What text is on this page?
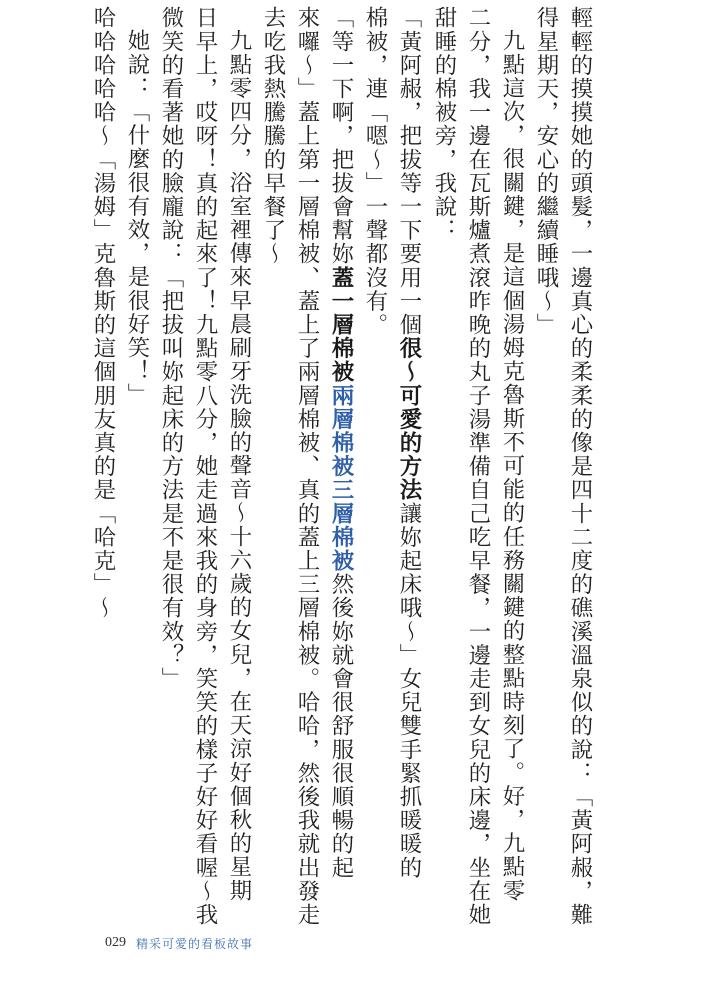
輕輕的摸摸她的頭髮，一邊真心的柔柔的像是四十二度的礁溪溫泉似的說：「黃阿赧，難
得星期天，安心的繼續睡哦～」
九點這次，很關鍵，是這個湯姆克魯斯不可能的任務關鍵的整點時刻了。好，九點零
二分，我一邊在瓦斯爐煮滾昨晚的丸子湯準備自己吃早餐，一邊走到女兒的床邊，坐在她
甜睡的棉被旁，我說：
「黃阿赧，把拔等一下要用一個很～可愛的方法讓妳起床哦～」女兒雙手緊抓暖暖的
棉被，連「嗯～」一聲都沒有。
「等一下啊，把拔會幫妳蓋一層棉被兩層棉被三層棉被然後妳就會很舒服很順暢的起
來囉～」蓋上第一層棉被、蓋上了兩層棉被、真的蓋上三層棉被。哈哈，然後我就出發走
去吃我熱騰騰的早餐了～
九點零四分，浴室裡傳來早晨刷牙洗臉的聲音～十六歲的女兒，在天涼好個秋的星期
日早上，哎呀！真的起來了！九點零八分，她走過來我的身旁，笑笑的樣子好好看喔～我
微笑的看著她的臉龐說：「把拔叫妳起床的方法是不是很有效？」
她說：「什麼很有效，是很好笑！」
哈哈哈哈哈～「湯姆」克魯斯的這個朋友真的是「哈克」～
029 精采可愛的看板故事
